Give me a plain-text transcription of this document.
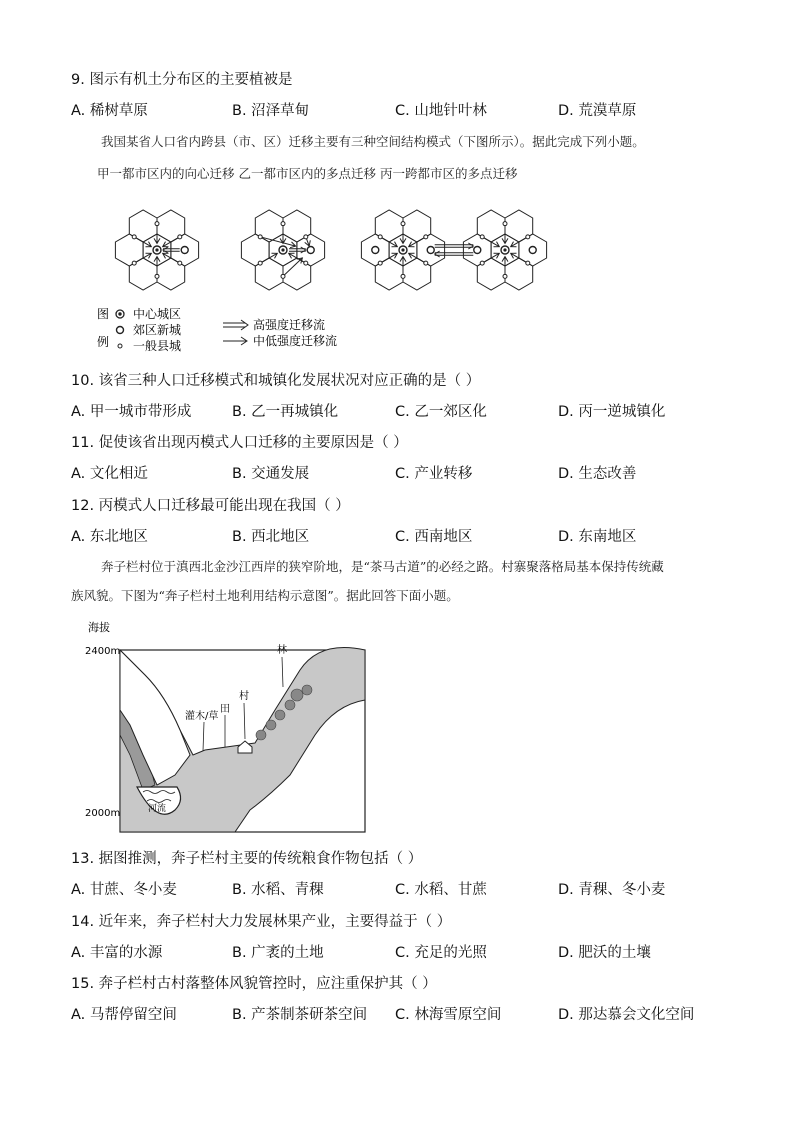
9. 图示有机土分布区的主要植被是
A. 稀树草原	B. 沼泽草甸	C. 山地针叶林	D. 荒漠草原
我国某省人口省内跨县（市、区）迁移主要有三种空间结构模式（下图所示）。据此完成下列小题。
甲一都市区内的向心迁移 乙一都市区内的多点迁移 丙一跨都市区的多点迁移
图
例
中心城区
郊区新城
一般县城
高强度迁移流
中低强度迁移流
10. 该省三种人口迁移模式和城镇化发展状况对应正确的是（ ）
A. 甲一城市带形成	B. 乙一再城镇化	C. 乙一郊区化	D. 丙一逆城镇化
11. 促使该省出现丙模式人口迁移的主要原因是（ ）
A. 文化相近	B. 交通发展	C. 产业转移	D. 生态改善
12. 丙模式人口迁移最可能出现在我国（ ）
A. 东北地区	B. 西北地区	C. 西南地区	D. 东南地区
奔子栏村位于滇西北金沙江西岸的狭窄阶地，是“茶马古道”的必经之路。村寨聚落格局基本保持传统藏
族风貌。下图为“奔子栏村土地利用结构示意图”。据此回答下面小题。
海拔
2400m
2000m	河流
林
村
田
灌木/草
13. 据图推测，奔子栏村主要的传统粮食作物包括（ ）
A. 甘蔗、冬小麦	B. 水稻、青稞	C. 水稻、甘蔗	D. 青稞、冬小麦
14. 近年来，奔子栏村大力发展林果产业，主要得益于（ ）
A. 丰富的水源	B. 广袤的土地	C. 充足的光照	D. 肥沃的土壤
15. 奔子栏村古村落整体风貌管控时，应注重保护其（ ）
A. 马帮停留空间	B. 产茶制茶研茶空间 C. 林海雪原空间	D. 那达慕会文化空间
